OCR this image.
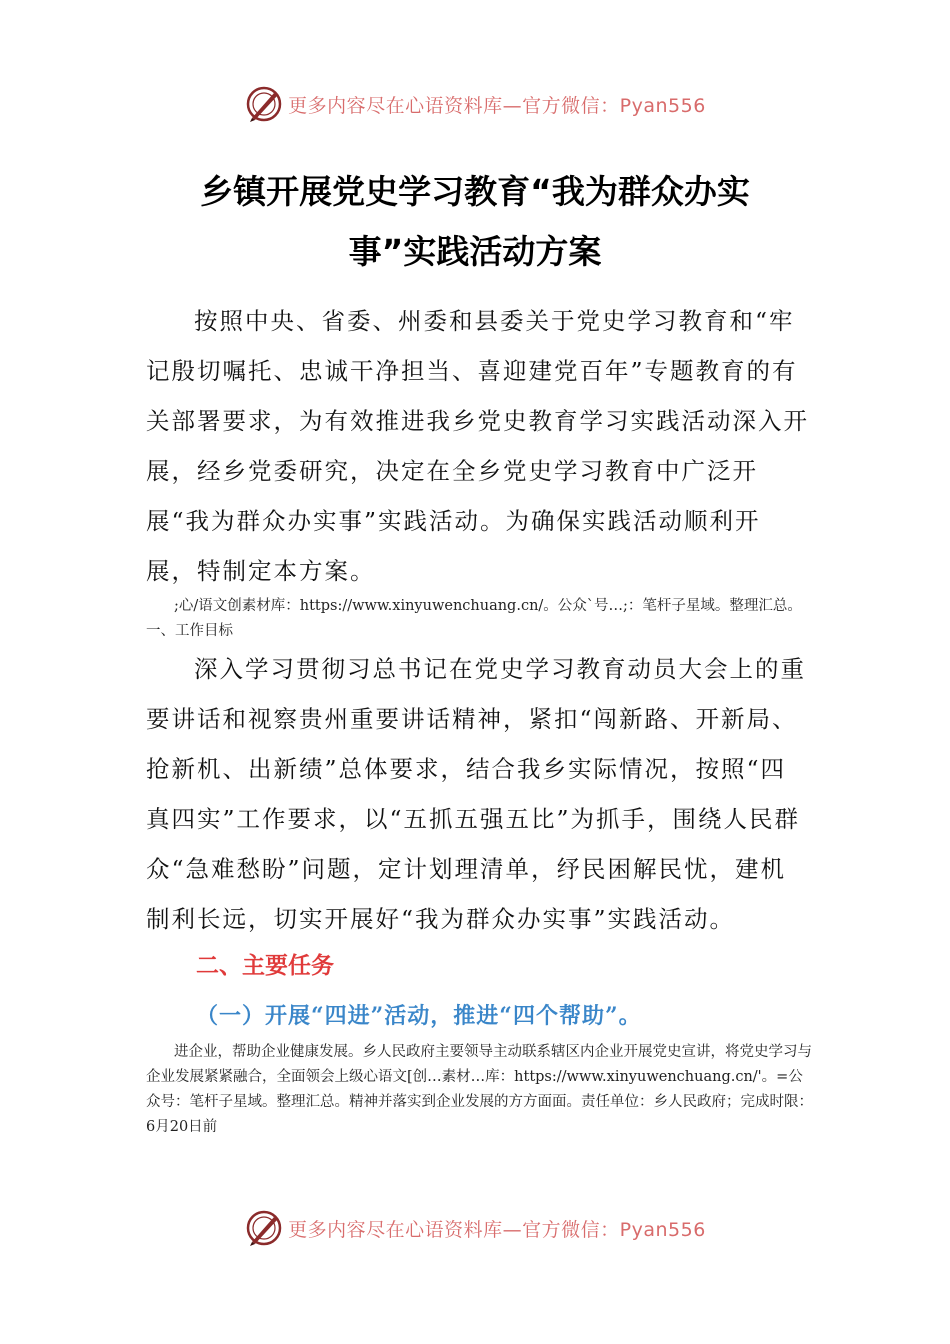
更多内容尽在心语资料库—官方微信：Pyan556
乡镇开展党史学习教育“我为群众办实
事”实践活动方案

按照中央、省委、州委和县委关于党史学习教育和“牢记殷切嘱托、忠诚干净担当、喜迎建党百年”专题教育的有关部署要求，为有效推进我乡党史教育学习实践活动深入开展，经乡党委研究，决定在全乡党史学习教育中广泛开展“我为群众办实事”实践活动。为确保实践活动顺利开展，特制定本方案。

;心/语文创素材库：https://www.xinyuwenchuang.cn/。公众`号…;：笔杆子星域。整理汇总。一、工作目标

深入学习贯彻习总书记在党史学习教育动员大会上的重要讲话和视察贵州重要讲话精神，紧扣“闯新路、开新局、抢新机、出新绩”总体要求，结合我乡实际情况，按照“四真四实”工作要求，以“五抓五强五比”为抓手，围绕人民群众“急难愁盼”问题，定计划理清单，纾民困解民忧，建机制利长远，切实开展好“我为群众办实事”实践活动。

二、主要任务
（一）开展“四进”活动，推进“四个帮助”。

进企业，帮助企业健康发展。乡人民政府主要领导主动联系辖区内企业开展党史宣讲，将党史学习与企业发展紧紧融合，全面领会上级心语文[创…素材…库：https://www.xinyuwenchuang.cn/'。=公众号：笔杆子星域。整理汇总。精神并落实到企业发展的方方面面。责任单位：乡人民政府；完成时限：6月20日前

更多内容尽在心语资料库—官方微信：Pyan556
